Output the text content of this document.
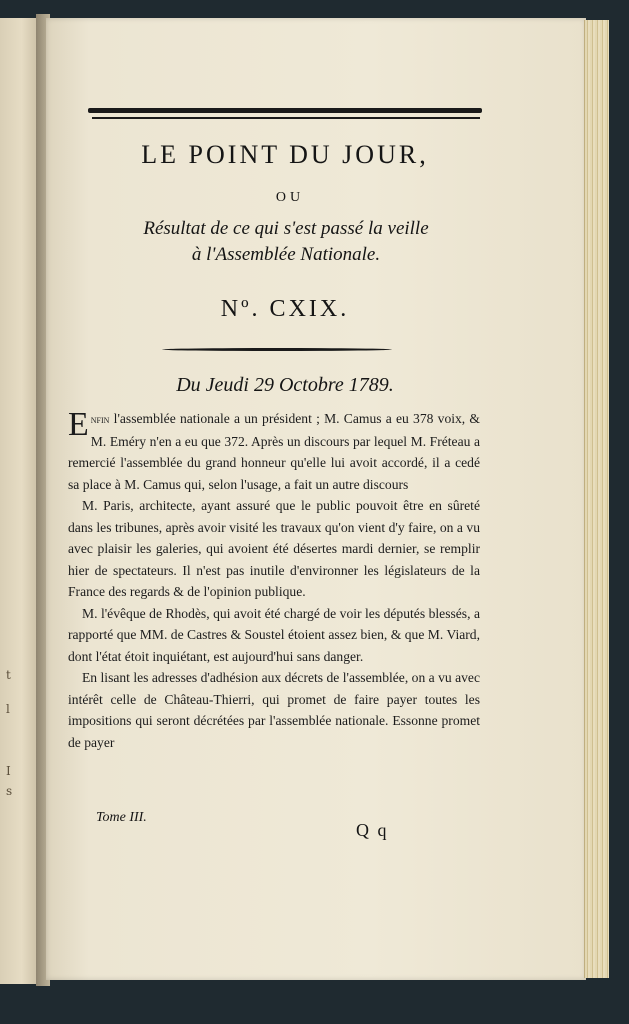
t
l
I
s
LE POINT DU JOUR,
OU
Résultat de ce qui s'est passé la veille
à l'Assemblée Nationale.
Nº. CXIX.
Du Jeudi 29 Octobre 1789.

Enfin l'assemblée nationale a un président ; M. Camus a eu 378 voix, & M. Eméry n'en a eu que 372. Après un discours par lequel M. Fréteau a remercié l'assemblée du grand honneur qu'elle lui avoit accordé, il a cedé sa place à M. Camus qui, selon l'usage, a fait un autre discours

M. Paris, architecte, ayant assuré que le public pouvoit être en sûreté dans les tribunes, après avoir visité les travaux qu'on vient d'y faire, on a vu avec plaisir les galeries, qui avoient été désertes mardi dernier, se remplir hier de spectateurs. Il n'est pas inutile d'environner les législateurs de la France des regards & de l'opinion publique.

M. l'évêque de Rhodès, qui avoit été chargé de voir les députés blessés, a rapporté que MM. de Castres & Soustel étoient assez bien, & que M. Viard, dont l'état étoit inquiétant, est aujourd'hui sans danger.

En lisant les adresses d'adhésion aux décrets de l'assemblée, on a vu avec intérêt celle de Château-Thierri, qui promet de faire payer toutes les impositions qui seront décrétées par l'assemblée nationale. Essonne promet de payer

Tome III.
Q q
